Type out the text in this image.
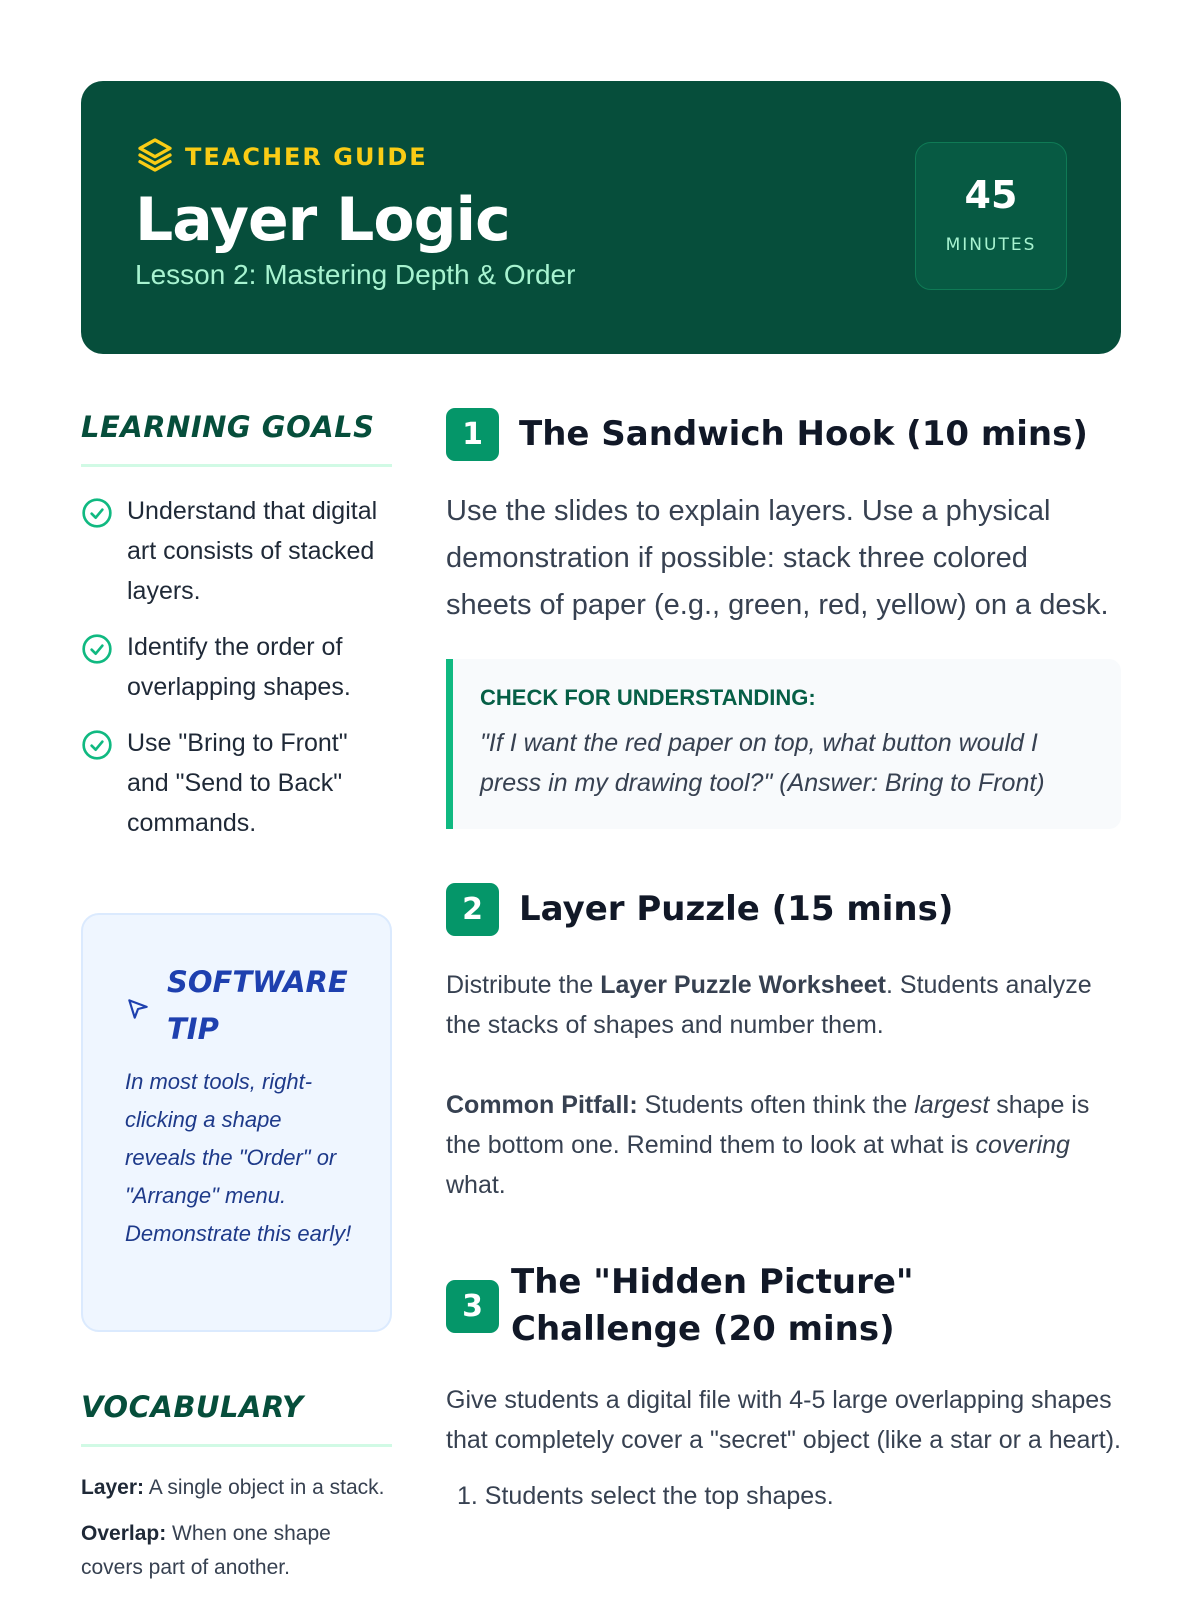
TEACHER GUIDE
Layer Logic
Lesson 2: Mastering Depth & Order
45
MINUTES
LEARNING GOALS
Understand that digital art consists of stacked layers.
Identify the order of overlapping shapes.
Use "Bring to Front" and "Send to Back" commands.
SOFTWARE TIP
In most tools, right-clicking a shape reveals the "Order" or "Arrange" menu. Demonstrate this early!
VOCABULARY
Layer: A single object in a stack.
Overlap: When one shape covers part of another.
1	The Sandwich Hook (10 mins)
Use the slides to explain layers. Use a physical demonstration if possible: stack three colored sheets of paper (e.g., green, red, yellow) on a desk.
CHECK FOR UNDERSTANDING:
"If I want the red paper on top, what button would I press in my drawing tool?" (Answer: Bring to Front)
2	Layer Puzzle (15 mins)

Distribute the Layer Puzzle Worksheet. Students analyze the stacks of shapes and number them.

Common Pitfall: Students often think the largest shape is the bottom one. Remind them to look at what is covering what.

3
The "Hidden Picture" Challenge (20 mins)

Give students a digital file with 4-5 large overlapping shapes that completely cover a "secret" object (like a star or a heart).

1. Students select the top shapes.
